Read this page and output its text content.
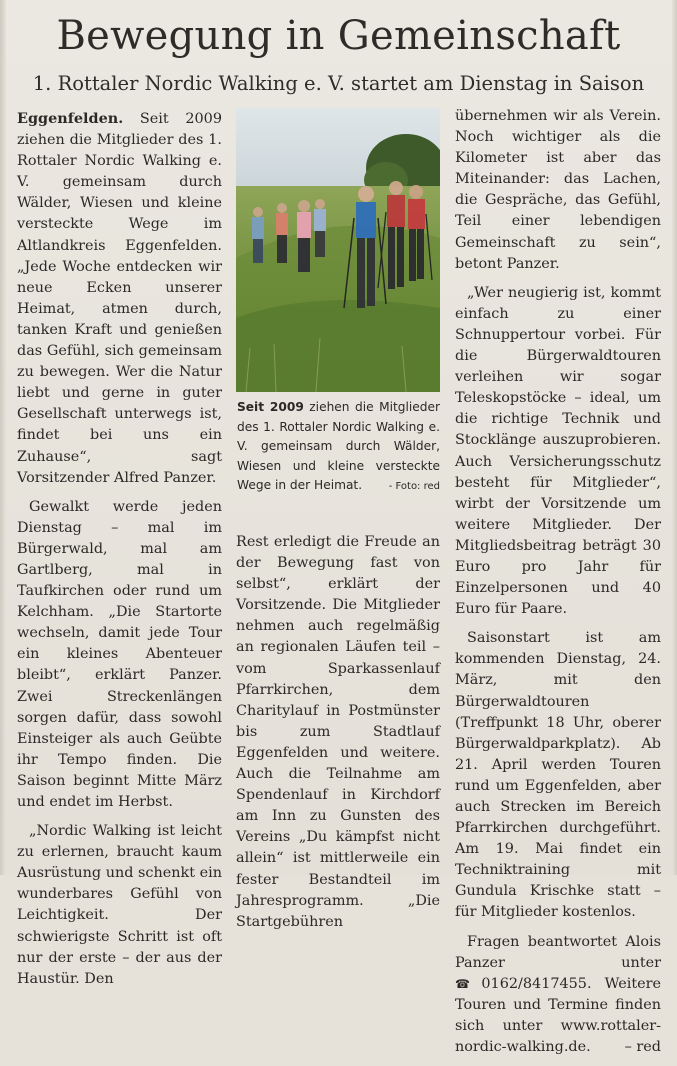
Bewegung in Gemeinschaft
1. Rottaler Nordic Walking e. V. startet am Dienstag in Saison

Eggenfelden. Seit 2009 ziehen die Mitglieder des 1. Rottaler Nordic Walking e. V. gemeinsam durch Wälder, Wiesen und kleine versteckte Wege im Altlandkreis Eggenfelden. „Jede Woche entdecken wir neue Ecken unserer Heimat, atmen durch, tanken Kraft und genießen das Gefühl, sich gemeinsam zu bewegen. Wer die Natur liebt und gerne in guter Gesellschaft unterwegs ist, findet bei uns ein Zuhause“, sagt Vorsitzender Alfred Panzer.

Gewalkt werde jeden Dienstag – mal im Bürgerwald, mal am Gartlberg, mal in Taufkirchen oder rund um Kelchham. „Die Startorte wechseln, damit jede Tour ein kleines Abenteuer bleibt“, erklärt Panzer. Zwei Streckenlängen sorgen dafür, dass sowohl Einsteiger als auch Geübte ihr Tempo finden. Die Saison beginnt Mitte März und endet im Herbst.

„Nordic Walking ist leicht zu erlernen, braucht kaum Ausrüstung und schenkt ein wunderbares Gefühl von Leichtigkeit. Der schwierigste Schritt ist oft nur der erste – der aus der Haustür. Den

Seit 2009 ziehen die Mitglieder des 1. Rottaler Nordic Walking e. V. gemeinsam durch Wälder, Wiesen und kleine versteckte Wege in der Heimat.	- Foto: red

Rest erledigt die Freude an der Bewegung fast von selbst“, erklärt der Vorsitzende. Die Mitglieder nehmen auch regelmäßig an regionalen Läufen teil – vom Sparkassenlauf Pfarrkirchen, dem Charitylauf in Postmünster bis zum Stadtlauf Eggenfelden und weitere. Auch die Teilnahme am Spendenlauf in Kirchdorf am Inn zu Gunsten des Vereins „Du kämpfst nicht allein“ ist mittlerweile ein fester Bestandteil im Jahresprogramm. „Die Startgebühren

übernehmen wir als Verein. Noch wichtiger als die Kilometer ist aber das Miteinander: das Lachen, die Gespräche, das Gefühl, Teil einer lebendigen Gemeinschaft zu sein“, betont Panzer.

„Wer neugierig ist, kommt einfach zu einer Schnuppertour vorbei. Für die Bürgerwaldtouren verleihen wir sogar Teleskopstöcke – ideal, um die richtige Technik und Stocklänge auszuprobieren. Auch Versicherungsschutz besteht für Mitglieder“, wirbt der Vorsitzende um weitere Mitglieder. Der Mitgliedsbeitrag beträgt 30 Euro pro Jahr für Einzelpersonen und 40 Euro für Paare.

Saisonstart ist am kommenden Dienstag, 24. März, mit den Bürgerwaldtouren (Treffpunkt 18 Uhr, oberer Bürgerwaldparkplatz). Ab 21. April werden Touren rund um Eggenfelden, aber auch Strecken im Bereich Pfarrkirchen durchgeführt. Am 19. Mai findet ein Techniktraining mit Gundula Krischke statt – für Mitglieder kostenlos.

Fragen beantwortet Alois Panzer unter ☎ 0162/8417455. Weitere Touren und Termine finden sich unter www.rottaler-nordic-walking.de.	– red
